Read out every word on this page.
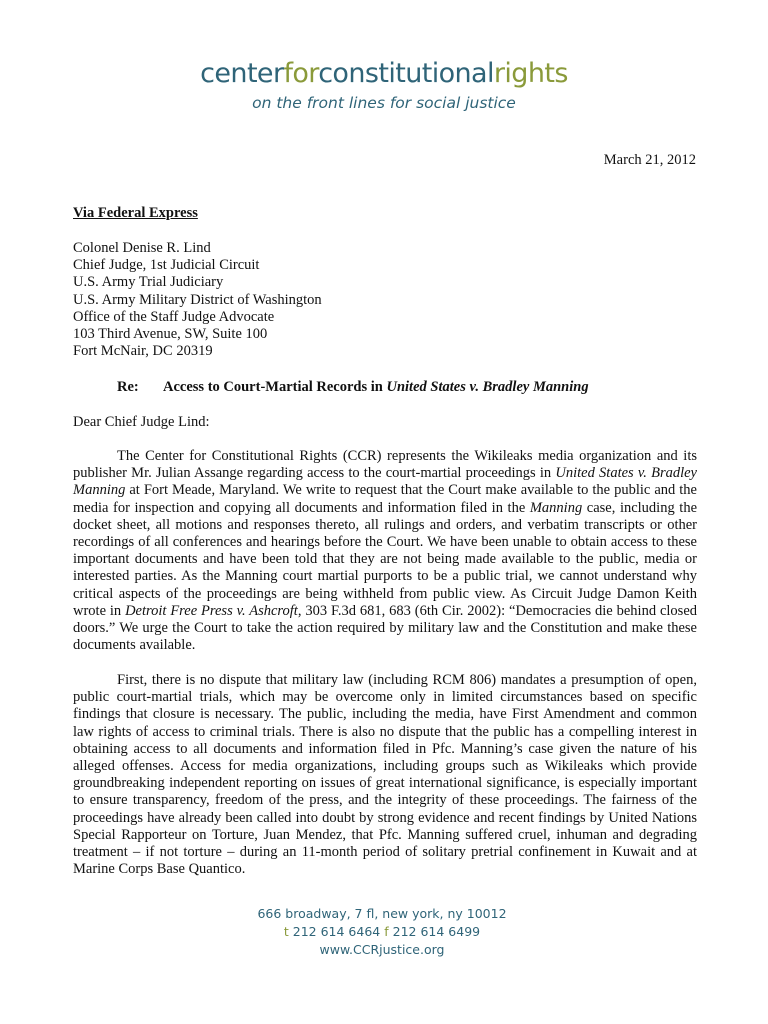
centerforconstitutionalrights
on the front lines for social justice
March 21, 2012
Via Federal Express
Colonel Denise R. Lind
Chief Judge, 1st Judicial Circuit
U.S. Army Trial Judiciary
U.S. Army Military District of Washington
Office of the Staff Judge Advocate
103 Third Avenue, SW, Suite 100
Fort McNair, DC 20319
Re: Access to Court-Martial Records in United States v. Bradley Manning
Dear Chief Judge Lind:

The Center for Constitutional Rights (CCR) represents the Wikileaks media organization and its publisher Mr. Julian Assange regarding access to the court-martial proceedings in United States v. Bradley Manning at Fort Meade, Maryland. We write to request that the Court make available to the public and the media for inspection and copying all documents and information filed in the Manning case, including the docket sheet, all motions and responses thereto, all rulings and orders, and verbatim transcripts or other recordings of all conferences and hearings before the Court. We have been unable to obtain access to these important documents and have been told that they are not being made available to the public, media or interested parties. As the Manning court martial purports to be a public trial, we cannot understand why critical aspects of the proceedings are being withheld from public view. As Circuit Judge Damon Keith wrote in Detroit Free Press v. Ashcroft, 303 F.3d 681, 683 (6th Cir. 2002): “Democracies die behind closed doors.” We urge the Court to take the action required by military law and the Constitution and make these documents available.

First, there is no dispute that military law (including RCM 806) mandates a presumption of open, public court-martial trials, which may be overcome only in limited circumstances based on specific findings that closure is necessary. The public, including the media, have First Amendment and common law rights of access to criminal trials. There is also no dispute that the public has a compelling interest in obtaining access to all documents and information filed in Pfc. Manning’s case given the nature of his alleged offenses. Access for media organizations, including groups such as Wikileaks which provide groundbreaking independent reporting on issues of great international significance, is especially important to ensure transparency, freedom of the press, and the integrity of these proceedings. The fairness of the proceedings have already been called into doubt by strong evidence and recent findings by United Nations Special Rapporteur on Torture, Juan Mendez, that Pfc. Manning suffered cruel, inhuman and degrading treatment – if not torture – during an 11-month period of solitary pretrial confinement in Kuwait and at Marine Corps Base Quantico.

666 broadway, 7 fl, new york, ny 10012
t 212 614 6464 f 212 614 6499 www.CCRjustice.org
